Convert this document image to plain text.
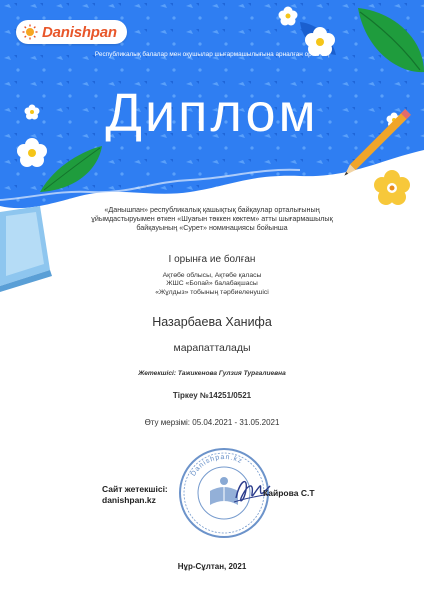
Danishpan
Республикалық балалар мен оқушылар шығармашылығына арналған орталық
Диплом
«Данышпан» республикалық қашықтық байқаулар орталығының
ұйымдастыруымен өткен «Шуағын төккен көктем» атты шығармашылық
байқауының «Сурет» номинациясы бойынша
I орынға ие болған
Ақтөбе облысы, Ақтөбе қаласы
ЖШС «Бопай» балабақшасы
«Жұлдыз» тобының тәрбиеленушісі
Назарбаева Ханифа
марапатталады
Жетекшісі: Тажикенова Гулзия Тургалиевна
Тіркеу №14251/0521
Өту мерзімі: 05.04.2021 - 31.05.2021
Danishpan.kz
Сайт жетекшісі:
danishpan.kz
Кайрова С.Т
Нұр-Сұлтан, 2021
